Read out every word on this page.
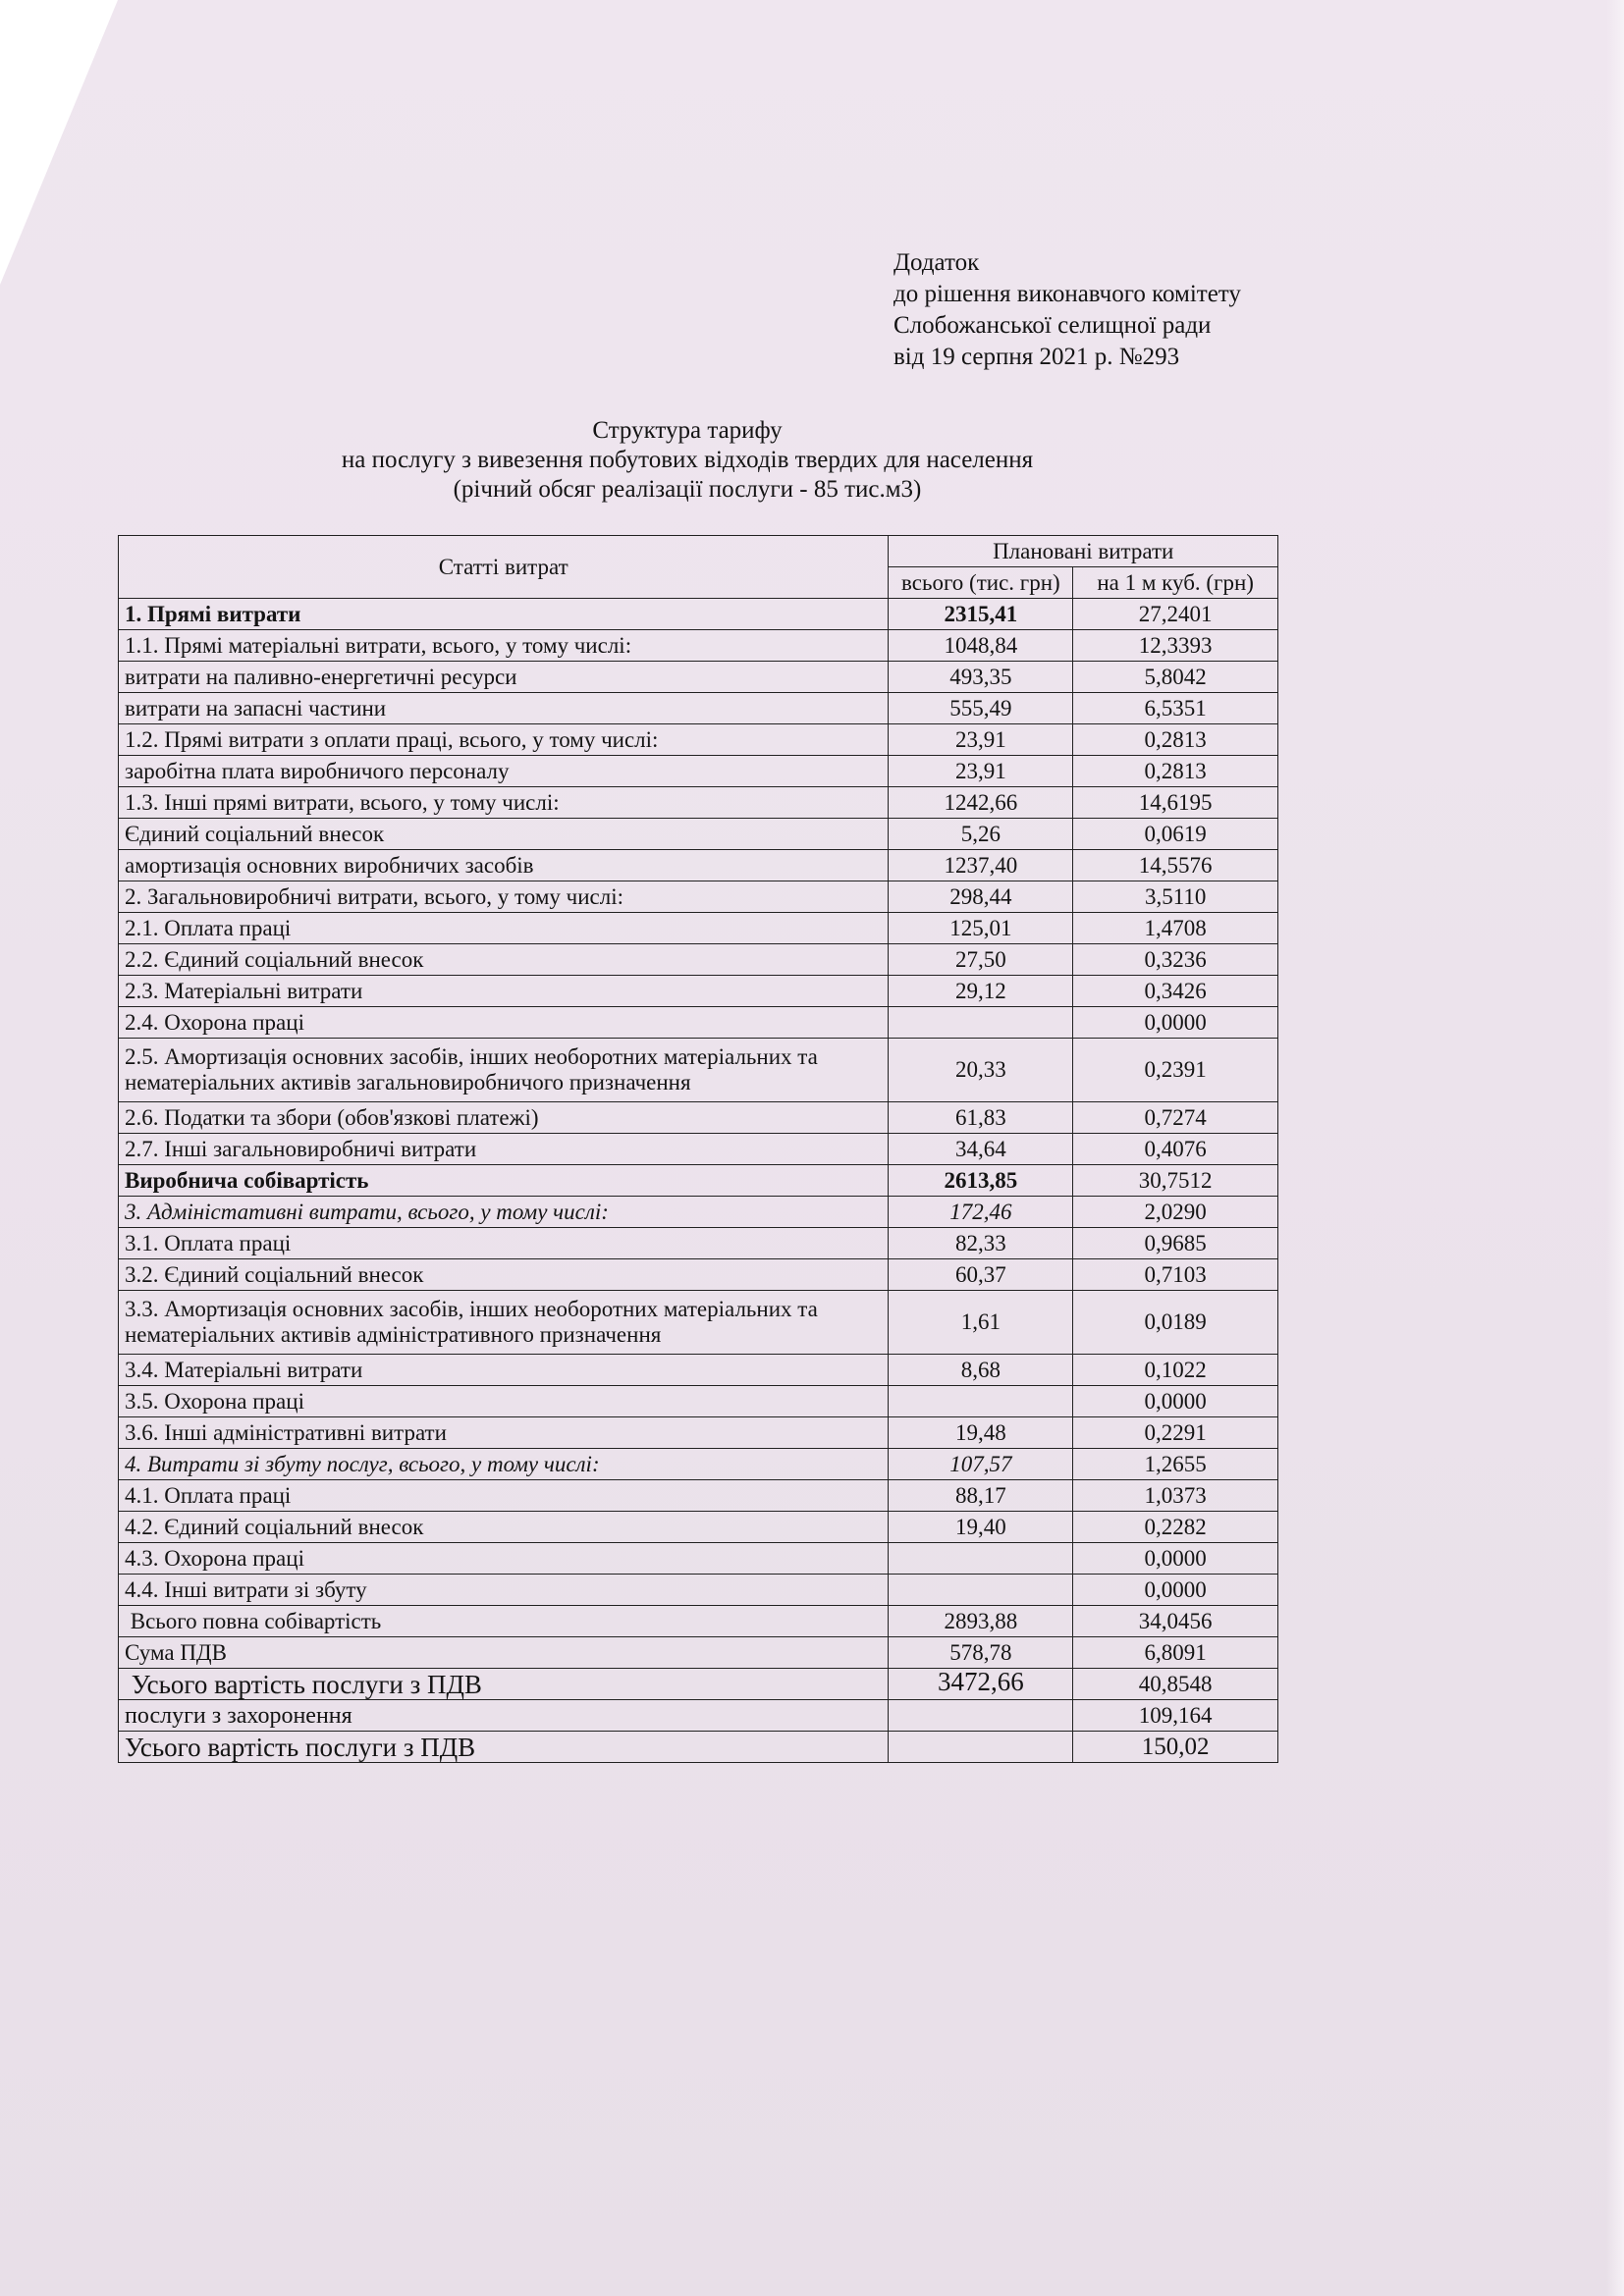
Додаток
до рішення виконавчого комітету
Слобожанської селищної ради
від 19 серпня 2021 р. №293
Структура тарифу
на послугу з вивезення побутових відходів твердих для населення
(річний обсяг реалізації послуги - 85 тис.м3)
Статті витрат	Плановані витрати	
	всього (тис. грн)	на 1 м куб. (грн)
1. Прямі витрати	2315,41	27,2401
1.1. Прямі матеріальні витрати, всього, у тому числі:	1048,84	12,3393
витрати на паливно-енергетичні ресурси	493,35	5,8042
витрати на запасні частини	555,49	6,5351
1.2. Прямі витрати з оплати праці, всього, у тому числі:	23,91	0,2813
заробітна плата виробничого персоналу	23,91	0,2813
1.3. Інші прямі витрати, всього, у тому числі:	1242,66	14,6195
Єдиний соціальний внесок	5,26	0,0619
амортизація основних виробничих засобів	1237,40	14,5576
2. Загальновиробничі витрати, всього, у тому числі:	298,44	3,5110
2.1. Оплата праці	125,01	1,4708
2.2. Єдиний соціальний внесок	27,50	0,3236
2.3. Матеріальні витрати	29,12	0,3426
2.4. Охорона праці		0,0000
2.5. Амортизація основних засобів, інших необоротних матеріальних та нематеріальних активів загальновиробничого призначення	20,33	0,2391
2.6. Податки та збори (обов'язкові платежі)	61,83	0,7274
2.7. Інші загальновиробничі витрати	34,64	0,4076
Виробнича собівартість	2613,85	30,7512
3. Адміністативні витрати, всього, у тому числі:	172,46	2,0290
3.1. Оплата праці	82,33	0,9685
3.2. Єдиний соціальний внесок	60,37	0,7103
3.3. Амортизація основних засобів, інших необоротних матеріальних та нематеріальних активів адміністративного призначення	1,61	0,0189
3.4. Матеріальні витрати	8,68	0,1022
3.5. Охорона праці		0,0000
3.6. Інші адміністративні витрати	19,48	0,2291
4. Витрати зі збуту послуг, всього, у тому числі:	107,57	1,2655
4.1. Оплата праці	88,17	1,0373
4.2. Єдиний соціальний внесок	19,40	0,2282
4.3. Охорона праці		0,0000
4.4. Інші витрати зі збуту		0,0000
Всього повна собівартість	2893,88	34,0456
Сума ПДВ	578,78	6,8091
Усього вартість послуги з ПДВ	3472,66	40,8548
послуги з захоронення		109,164
Усього вартість послуги з ПДВ		150,02
